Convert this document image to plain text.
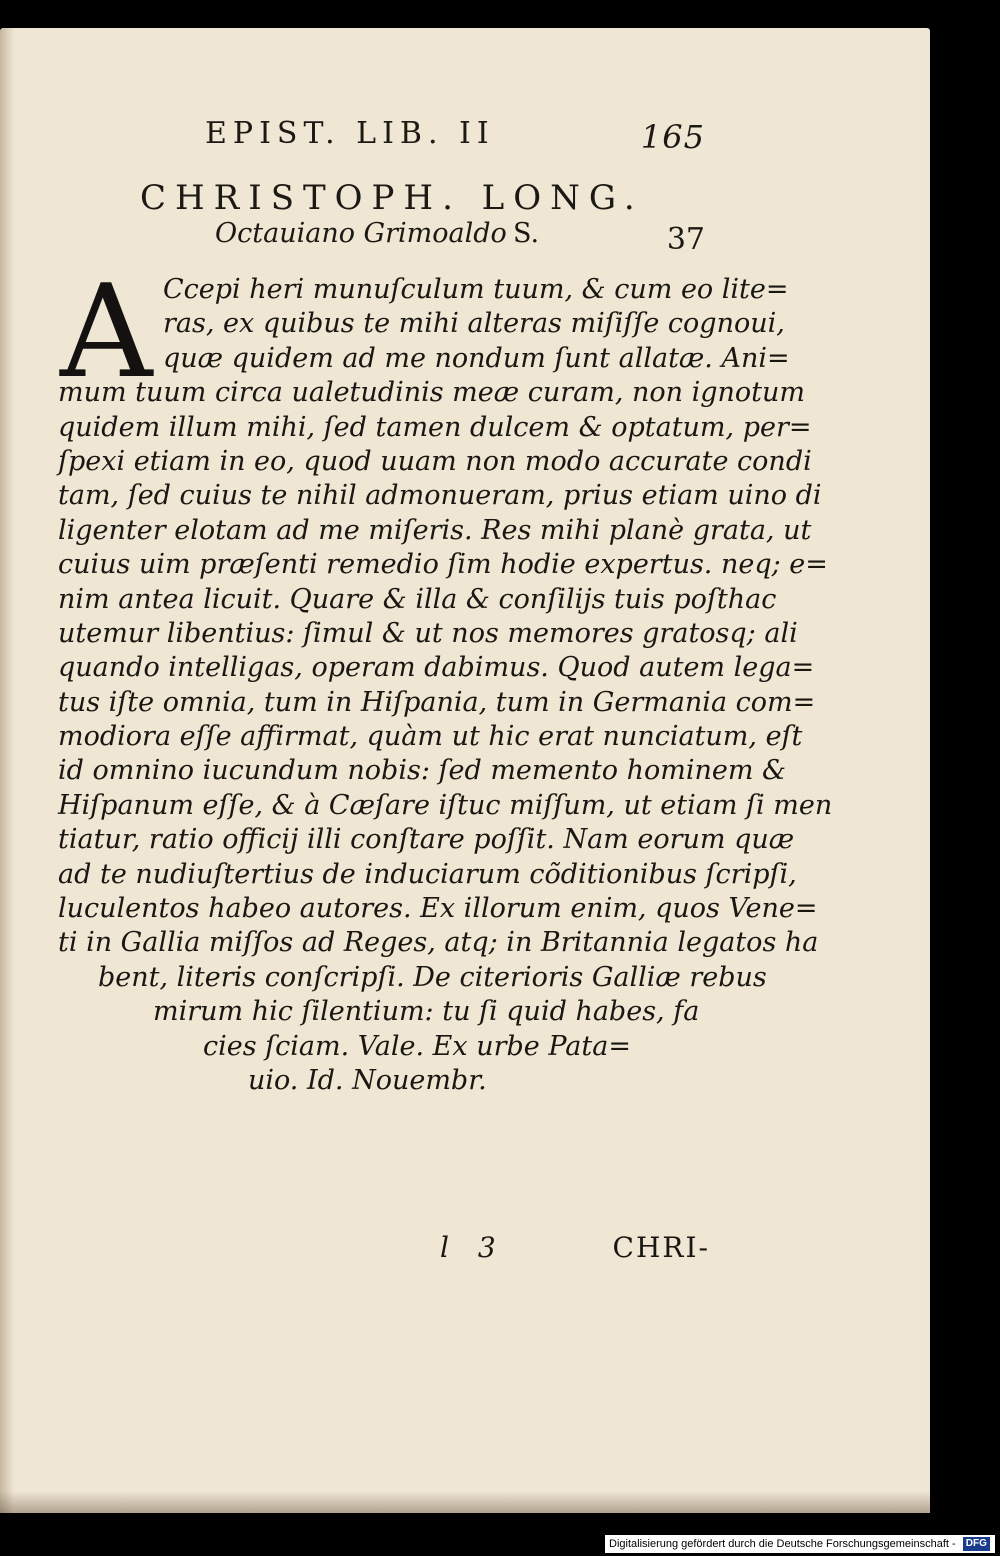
EPIST. LIB. II	165
CHRISTOPH. LONG.
Octauiano Grimoaldo S.	37
A Ccepi heri munuſculum tuum, & cum eo lite=
ras, ex quibus te mihi alteras miſiſſe cognoui,
quæ quidem ad me nondum ſunt allatæ. Ani=
mum tuum circa ualetudinis meæ curam, non ignotum
quidem illum mihi, ſed tamen dulcem & optatum, per=
ſpexi etiam in eo, quod uuam non modo accurate condi
tam, ſed cuius te nihil admonueram, prius etiam uino di
ligenter elotam ad me miſeris. Res mihi planè grata, ut
cuius uim præſenti remedio ſim hodie expertus. neq; e=
nim antea licuit. Quare & illa & conſilijs tuis poſthac
utemur libentius: ſimul & ut nos memores gratosq; ali
quando intelligas, operam dabimus. Quod autem lega=
tus iſte omnia, tum in Hiſpania, tum in Germania com=
modiora eſſe affirmat, quàm ut hic erat nunciatum, eſt
id omnino iucundum nobis: ſed memento hominem &
Hiſpanum eſſe, & à Cæſare iſtuc miſſum, ut etiam ſi men
tiatur, ratio officij illi conſtare poſſit. Nam eorum quæ
ad te nudiuſtertius de induciarum cõditionibus ſcripſi,
luculentos habeo autores. Ex illorum enim, quos Vene=
ti in Gallia miſſos ad Reges, atq; in Britannia legatos ha
bent, literis conſcripſi. De citerioris Galliæ rebus
mirum hic ſilentium: tu ſi quid habes, fa
cies ſciam. Vale. Ex urbe Pata=
uio. Id. Nouembr.
l 3	CHRI-
Digitalisierung gefördert durch die Deutsche Forschungsgemeinschaft - DFG
